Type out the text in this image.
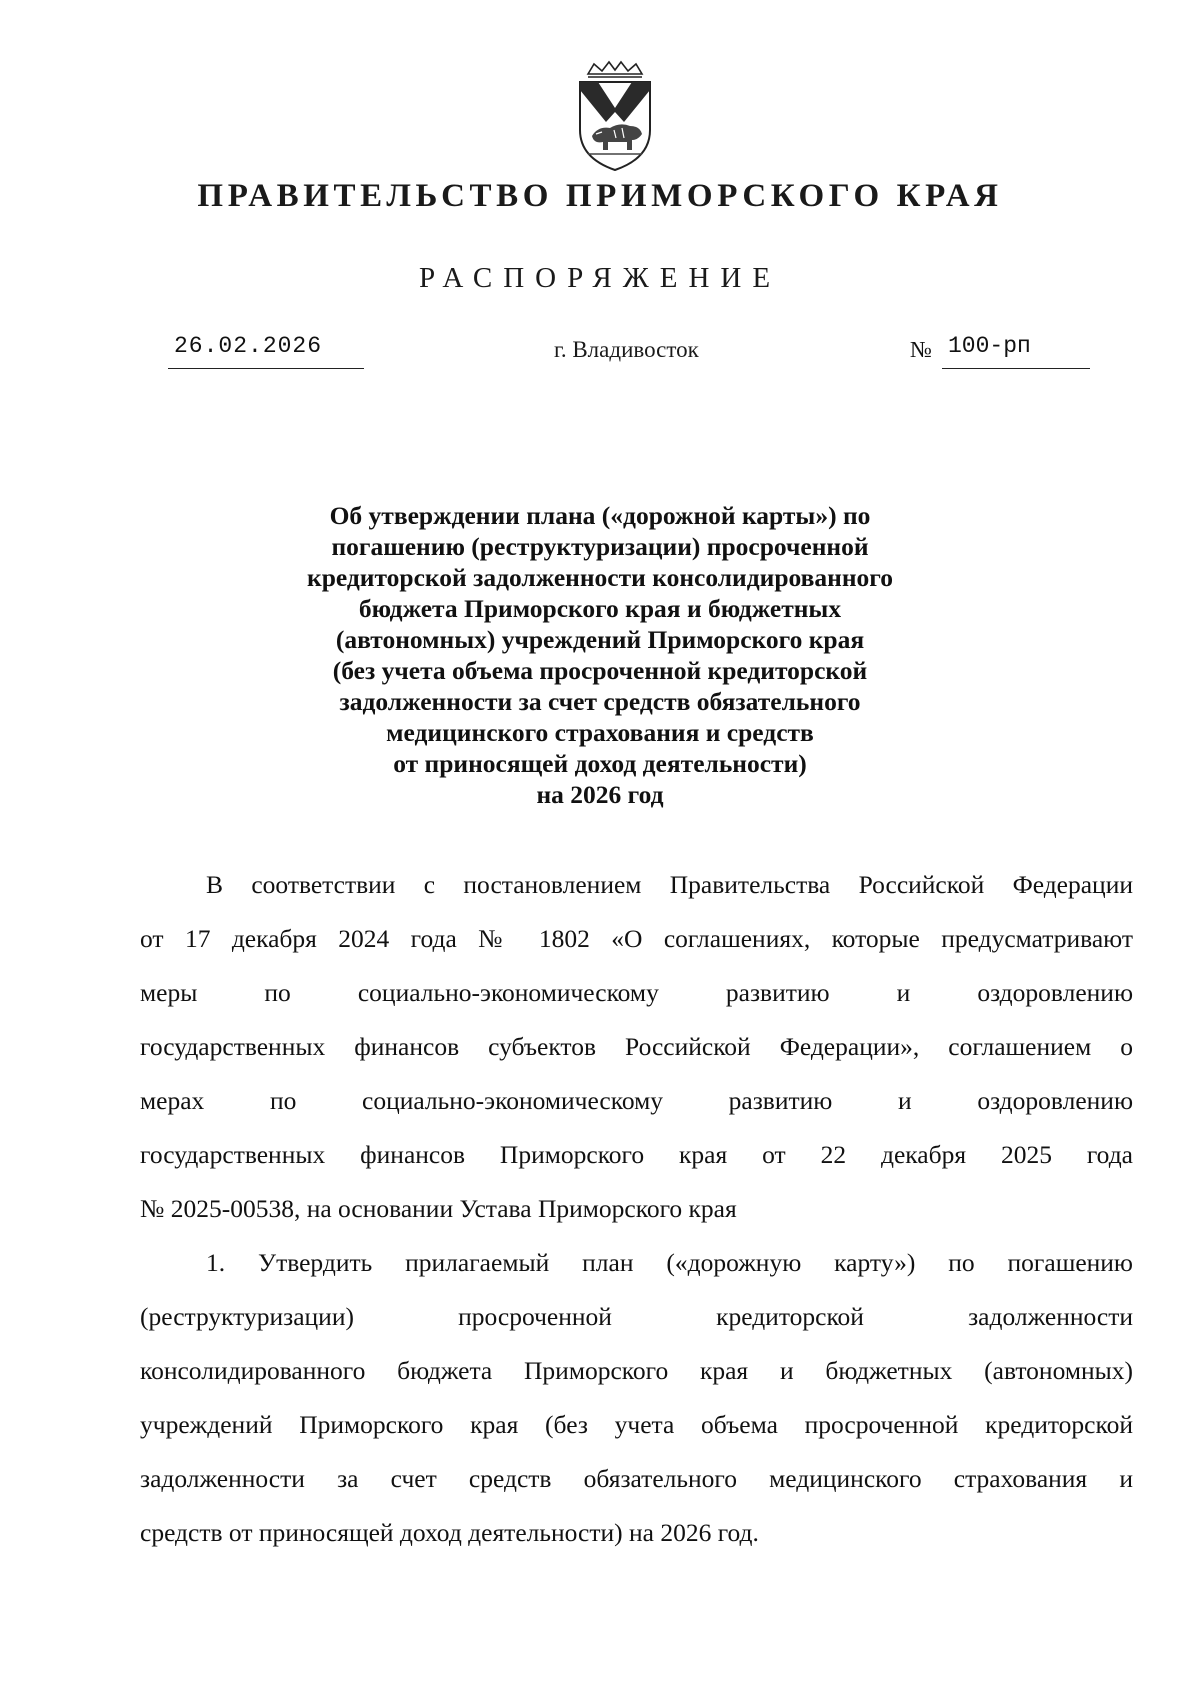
ПРАВИТЕЛЬСТВО ПРИМОРСКОГО КРАЯ
РАСПОРЯЖЕНИЕ
26.02.2026	г. Владивосток	№ 100-рп
Об утверждении плана («дорожной карты») по
погашению (реструктуризации) просроченной
кредиторской задолженности консолидированного
бюджета Приморского края и бюджетных
(автономных) учреждений Приморского края
(без учета объема просроченной кредиторской
задолженности за счет средств обязательного
медицинского страхования и средств
от приносящей доход деятельности)
на 2026 год
В соответствии с постановлением Правительства Российской Федерации
от 17 декабря 2024 года № 1802 «О соглашениях, которые предусматривают
меры по социально-экономическому развитию и оздоровлению
государственных финансов субъектов Российской Федерации», соглашением о
мерах по социально-экономическому развитию и оздоровлению
государственных финансов Приморского края от 22 декабря 2025 года
№ 2025-00538, на основании Устава Приморского края
1. Утвердить прилагаемый план («дорожную карту») по погашению
(реструктуризации) просроченной кредиторской задолженности
консолидированного бюджета Приморского края и бюджетных (автономных)
учреждений Приморского края (без учета объема просроченной кредиторской
задолженности за счет средств обязательного медицинского страхования и
средств от приносящей доход деятельности) на 2026 год.
